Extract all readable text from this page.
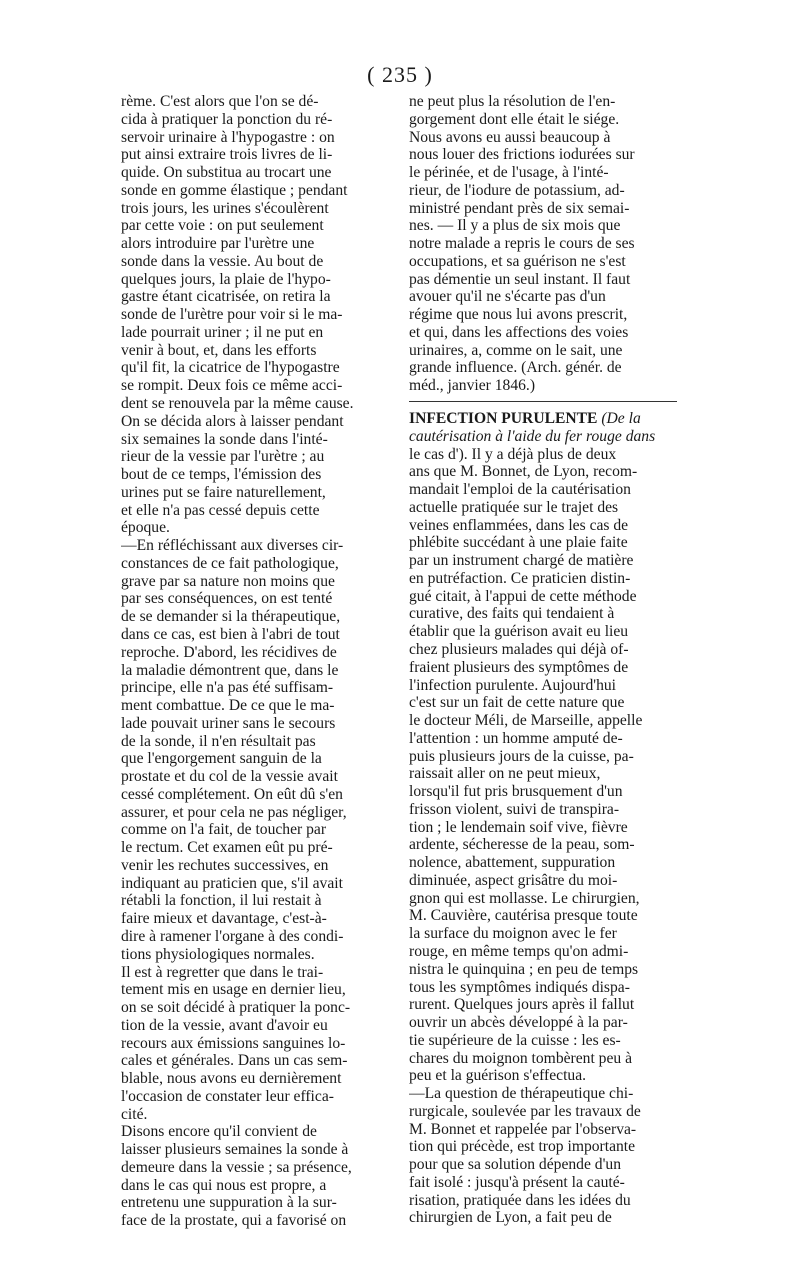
( 235 )
rème. C'est alors que l'on se dé-
cida à pratiquer la ponction du ré-
servoir urinaire à l'hypogastre : on
put ainsi extraire trois livres de li-
quide. On substitua au trocart une
sonde en gomme élastique ; pendant
trois jours, les urines s'écoulèrent
par cette voie : on put seulement
alors introduire par l'urètre une
sonde dans la vessie. Au bout de
quelques jours, la plaie de l'hypo-
gastre étant cicatrisée, on retira la
sonde de l'urètre pour voir si le ma-
lade pourrait uriner ; il ne put en
venir à bout, et, dans les efforts
qu'il fit, la cicatrice de l'hypogastre
se rompit. Deux fois ce même acci-
dent se renouvela par la même cause.
On se décida alors à laisser pendant
six semaines la sonde dans l'inté-
rieur de la vessie par l'urètre ; au
bout de ce temps, l'émission des
urines put se faire naturellement,
et elle n'a pas cessé depuis cette
époque.
—En réfléchissant aux diverses cir-
constances de ce fait pathologique,
grave par sa nature non moins que
par ses conséquences, on est tenté
de se demander si la thérapeutique,
dans ce cas, est bien à l'abri de tout
reproche. D'abord, les récidives de
la maladie démontrent que, dans le
principe, elle n'a pas été suffisam-
ment combattue. De ce que le ma-
lade pouvait uriner sans le secours
de la sonde, il n'en résultait pas
que l'engorgement sanguin de la
prostate et du col de la vessie avait
cessé complétement. On eût dû s'en
assurer, et pour cela ne pas négliger,
comme on l'a fait, de toucher par
le rectum. Cet examen eût pu pré-
venir les rechutes successives, en
indiquant au praticien que, s'il avait
rétabli la fonction, il lui restait à
faire mieux et davantage, c'est-à-
dire à ramener l'organe à des condi-
tions physiologiques normales.
Il est à regretter que dans le trai-
tement mis en usage en dernier lieu,
on se soit décidé à pratiquer la ponc-
tion de la vessie, avant d'avoir eu
recours aux émissions sanguines lo-
cales et générales. Dans un cas sem-
blable, nous avons eu dernièrement
l'occasion de constater leur effica-
cité.
Disons encore qu'il convient de
laisser plusieurs semaines la sonde à
demeure dans la vessie ; sa présence,
dans le cas qui nous est propre, a
entretenu une suppuration à la sur-
face de la prostate, qui a favorisé on
ne peut plus la résolution de l'en-
gorgement dont elle était le siége.
Nous avons eu aussi beaucoup à
nous louer des frictions iodurées sur
le périnée, et de l'usage, à l'inté-
rieur, de l'iodure de potassium, ad-
ministré pendant près de six semai-
nes. — Il y a plus de six mois que
notre malade a repris le cours de ses
occupations, et sa guérison ne s'est
pas démentie un seul instant. Il faut
avouer qu'il ne s'écarte pas d'un
régime que nous lui avons prescrit,
et qui, dans les affections des voies
urinaires, a, comme on le sait, une
grande influence. (Arch. génér. de
méd., janvier 1846.)
INFECTION PURULENTE (De la
cautérisation à l'aide du fer rouge dans
le cas d'). Il y a déjà plus de deux
ans que M. Bonnet, de Lyon, recom-
mandait l'emploi de la cautérisation
actuelle pratiquée sur le trajet des
veines enflammées, dans les cas de
phlébite succédant à une plaie faite
par un instrument chargé de matière
en putréfaction. Ce praticien distin-
gué citait, à l'appui de cette méthode
curative, des faits qui tendaient à
établir que la guérison avait eu lieu
chez plusieurs malades qui déjà of-
fraient plusieurs des symptômes de
l'infection purulente. Aujourd'hui
c'est sur un fait de cette nature que
le docteur Méli, de Marseille, appelle
l'attention : un homme amputé de-
puis plusieurs jours de la cuisse, pa-
raissait aller on ne peut mieux,
lorsqu'il fut pris brusquement d'un
frisson violent, suivi de transpira-
tion ; le lendemain soif vive, fièvre
ardente, sécheresse de la peau, som-
nolence, abattement, suppuration
diminuée, aspect grisâtre du moi-
gnon qui est mollasse. Le chirurgien,
M. Cauvière, cautérisa presque toute
la surface du moignon avec le fer
rouge, en même temps qu'on admi-
nistra le quinquina ; en peu de temps
tous les symptômes indiqués dispa-
rurent. Quelques jours après il fallut
ouvrir un abcès développé à la par-
tie supérieure de la cuisse : les es-
chares du moignon tombèrent peu à
peu et la guérison s'effectua.
—La question de thérapeutique chi-
rurgicale, soulevée par les travaux de
M. Bonnet et rappelée par l'observa-
tion qui précède, est trop importante
pour que sa solution dépende d'un
fait isolé : jusqu'à présent la cauté-
risation, pratiquée dans les idées du
chirurgien de Lyon, a fait peu de
